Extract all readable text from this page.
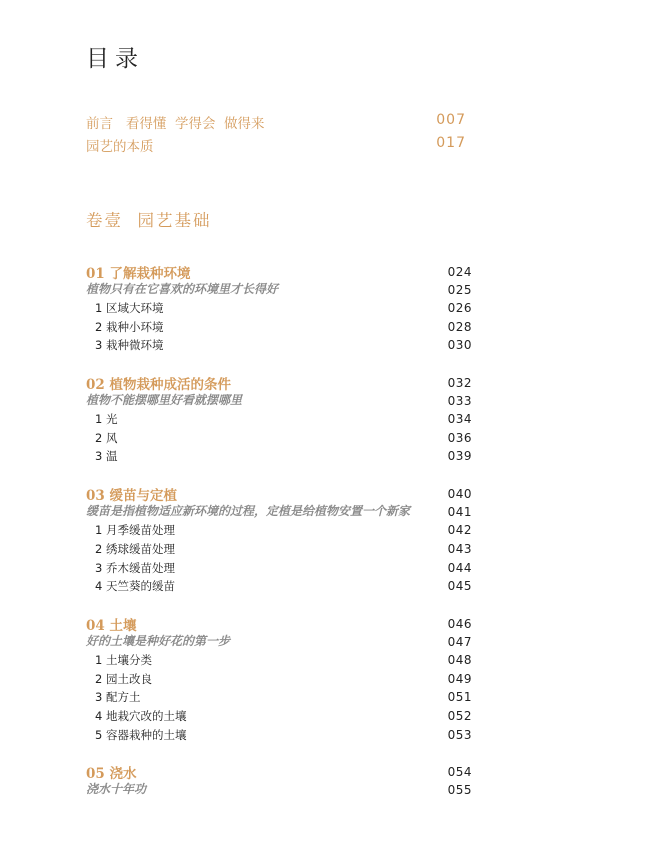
目录
前言   看得懂  学得会  做得来	007
园艺的本质	017
卷壹  园艺基础
01 了解栽种环境	024
植物只有在它喜欢的环境里才长得好	025
1 区域大环境	026
2 栽种小环境	028
3 栽种微环境	030
02 植物栽种成活的条件	032
植物不能摆哪里好看就摆哪里	033
1 光	034
2 风	036
3 温	039
03 缓苗与定植	040
缓苗是指植物适应新环境的过程，定植是给植物安置一个新家	041
1 月季缓苗处理	042
2 绣球缓苗处理	043
3 乔木缓苗处理	044
4 天竺葵的缓苗	045
04 土壤	046
好的土壤是种好花的第一步	047
1 土壤分类	048
2 园土改良	049
3 配方土	051
4 地栽穴改的土壤	052
5 容器栽种的土壤	053
05 浇水	054
浇水十年功	055
